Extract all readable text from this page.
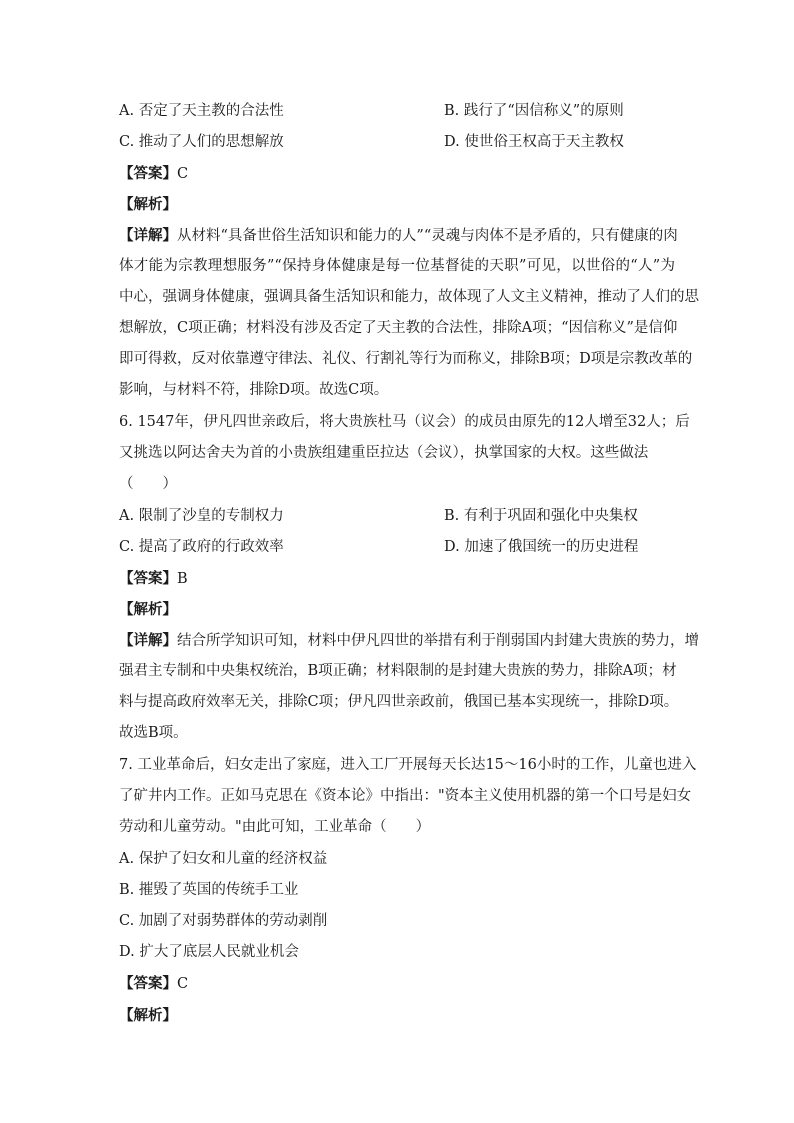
A. 否定了天主教的合法性	B. 践行了“因信称义”的原则
C. 推动了人们的思想解放	D. 使世俗王权高于天主教权
【答案】C
【解析】
【详解】从材料“具备世俗生活知识和能力的人”“灵魂与肉体不是矛盾的，只有健康的肉
体才能为宗教理想服务”“保持身体健康是每一位基督徒的天职”可见，以世俗的“人”为
中心，强调身体健康，强调具备生活知识和能力，故体现了人文主义精神，推动了人们的思
想解放，C项正确；材料没有涉及否定了天主教的合法性，排除A项；“因信称义”是信仰
即可得救，反对依靠遵守律法、礼仪、行割礼等行为而称义，排除B项；D项是宗教改革的
影响，与材料不符，排除D项。故选C项。
6. 1547年，伊凡四世亲政后，将大贵族杜马（议会）的成员由原先的12人增至32人；后
又挑选以阿达舍夫为首的小贵族组建重臣拉达（会议），执掌国家的大权。这些做法
（　　）
A. 限制了沙皇的专制权力	B. 有利于巩固和强化中央集权
C. 提高了政府的行政效率	D. 加速了俄国统一的历史进程
【答案】B
【解析】
【详解】结合所学知识可知，材料中伊凡四世的举措有利于削弱国内封建大贵族的势力，增
强君主专制和中央集权统治，B项正确；材料限制的是封建大贵族的势力，排除A项；材
料与提高政府效率无关，排除C项；伊凡四世亲政前，俄国已基本实现统一，排除D项。
故选B项。
7. 工业革命后，妇女走出了家庭，进入工厂开展每天长达15～16小时的工作，儿童也进入
了矿井内工作。正如马克思在《资本论》中指出："资本主义使用机器的第一个口号是妇女
劳动和儿童劳动。"由此可知，工业革命（　　）
A. 保护了妇女和儿童的经济权益
B. 摧毁了英国的传统手工业
C. 加剧了对弱势群体的劳动剥削
D. 扩大了底层人民就业机会
【答案】C
【解析】
